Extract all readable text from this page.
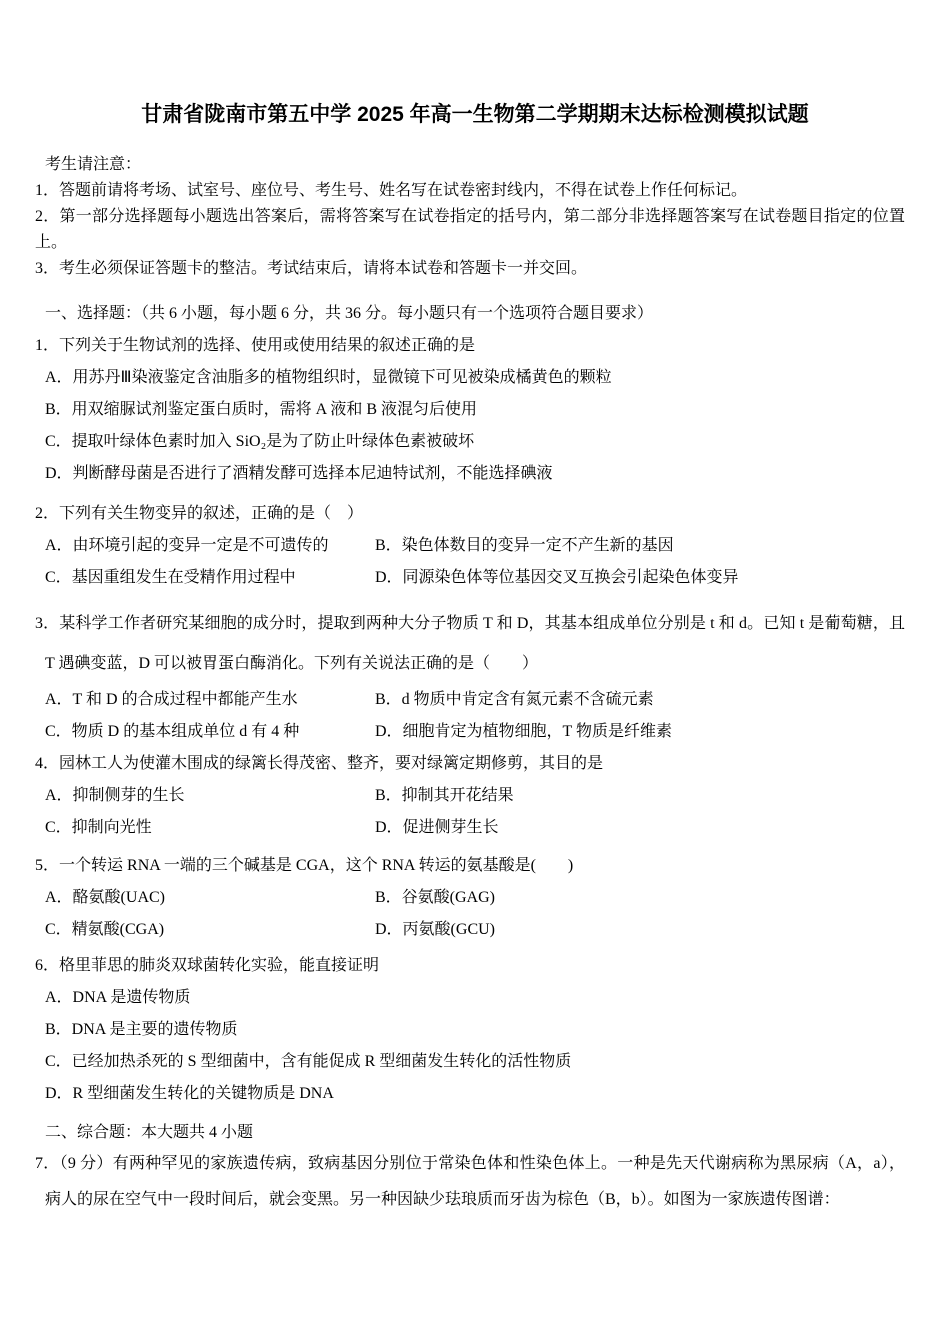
甘肃省陇南市第五中学 2025 年高一生物第二学期期末达标检测模拟试题

考生请注意：

1．答题前请将考场、试室号、座位号、考生号、姓名写在试卷密封线内，不得在试卷上作任何标记。

2．第一部分选择题每小题选出答案后，需将答案写在试卷指定的括号内，第二部分非选择题答案写在试卷题目指定的位置上。

3．考生必须保证答题卡的整洁。考试结束后，请将本试卷和答题卡一并交回。

一、选择题：（共 6 小题，每小题 6 分，共 36 分。每小题只有一个选项符合题目要求）

1．下列关于生物试剂的选择、使用或使用结果的叙述正确的是

A．用苏丹Ⅲ染液鉴定含油脂多的植物组织时，显微镜下可见被染成橘黄色的颗粒

B．用双缩脲试剂鉴定蛋白质时，需将 A 液和 B 液混匀后使用

C．提取叶绿体色素时加入 SiO₂是为了防止叶绿体色素被破坏

D．判断酵母菌是否进行了酒精发酵可选择本尼迪特试剂，不能选择碘液

2．下列有关生物变异的叙述，正确的是（　）

A．由环境引起的变异一定是不可遗传的	B．染色体数目的变异一定不产生新的基因
C．基因重组发生在受精作用过程中	D．同源染色体等位基因交叉互换会引起染色体变异

3．某科学工作者研究某细胞的成分时，提取到两种大分子物质 T 和 D，其基本组成单位分别是 t 和 d。已知 t 是葡萄糖，且 T 遇碘变蓝，D 可以被胃蛋白酶消化。下列有关说法正确的是（　　）

A．T 和 D 的合成过程中都能产生水	B．d 物质中肯定含有氮元素不含硫元素
C．物质 D 的基本组成单位 d 有 4 种	D．细胞肯定为植物细胞，T 物质是纤维素

4．园林工人为使灌木围成的绿篱长得茂密、整齐，要对绿篱定期修剪，其目的是

A．抑制侧芽的生长	B．抑制其开花结果
C．抑制向光性	D．促进侧芽生长

5．一个转运 RNA 一端的三个碱基是 CGA，这个 RNA 转运的氨基酸是(　　)

A．酪氨酸(UAC)	B．谷氨酸(GAG)
C．精氨酸(CGA)	D．丙氨酸(GCU)

6．格里菲思的肺炎双球菌转化实验，能直接证明

A．DNA 是遗传物质

B．DNA 是主要的遗传物质

C．已经加热杀死的 S 型细菌中，含有能促成 R 型细菌发生转化的活性物质

D．R 型细菌发生转化的关键物质是 DNA

二、综合题：本大题共 4 小题

7．（9 分）有两种罕见的家族遗传病，致病基因分别位于常染色体和性染色体上。一种是先天代谢病称为黑尿病（A，a），病人的尿在空气中一段时间后，就会变黑。另一种因缺少珐琅质而牙齿为棕色（B，b）。如图为一家族遗传图谱：
